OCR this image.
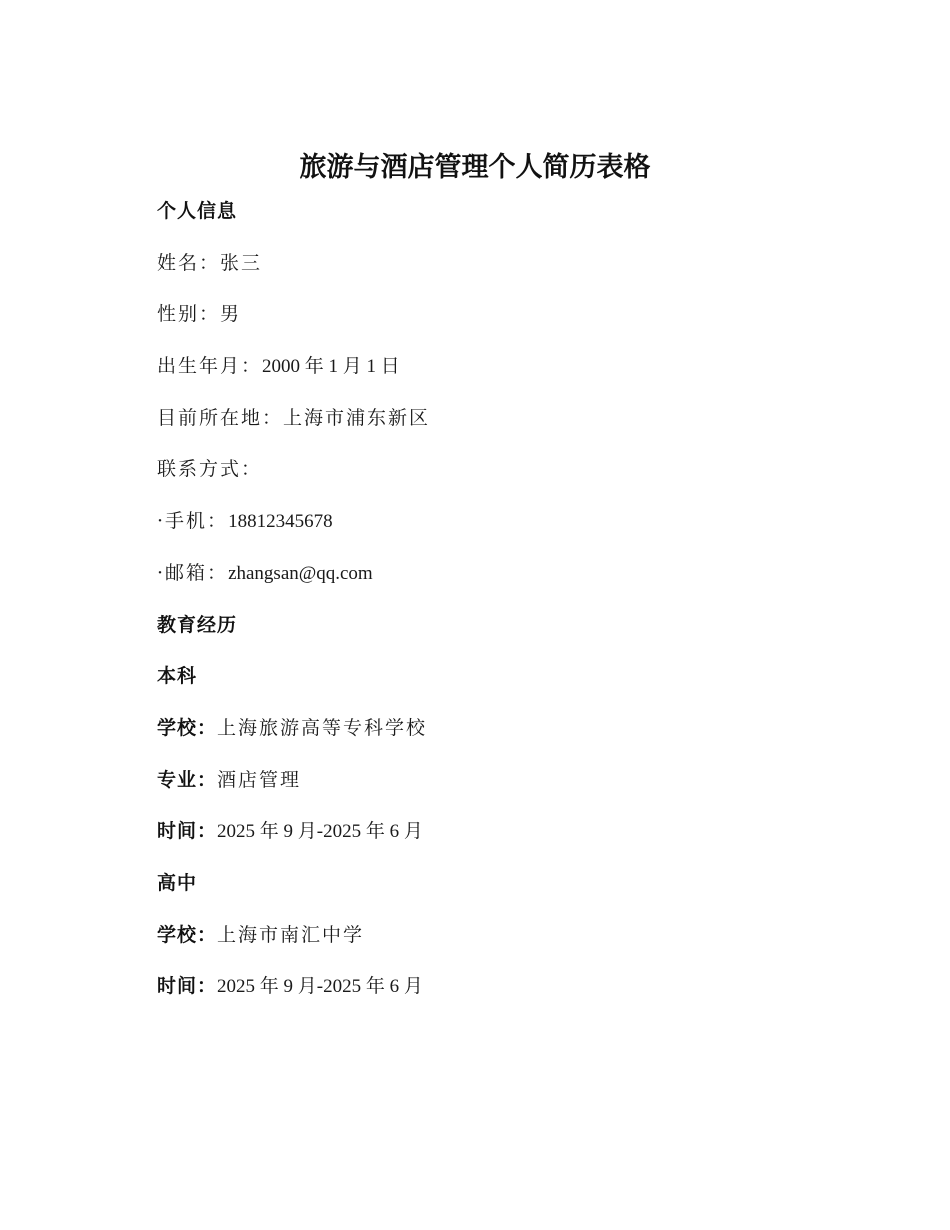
旅游与酒店管理个人简历表格
个人信息
姓名：张三
性别：男
出生年月：2000 年 1 月 1 日
目前所在地：上海市浦东新区
联系方式：
· 手机：18812345678
· 邮箱：zhangsan@qq.com
教育经历
本科
学校：上海旅游高等专科学校
专业：酒店管理
时间：2025 年 9 月-2025 年 6 月
高中
学校：上海市南汇中学
时间：2025 年 9 月-2025 年 6 月
